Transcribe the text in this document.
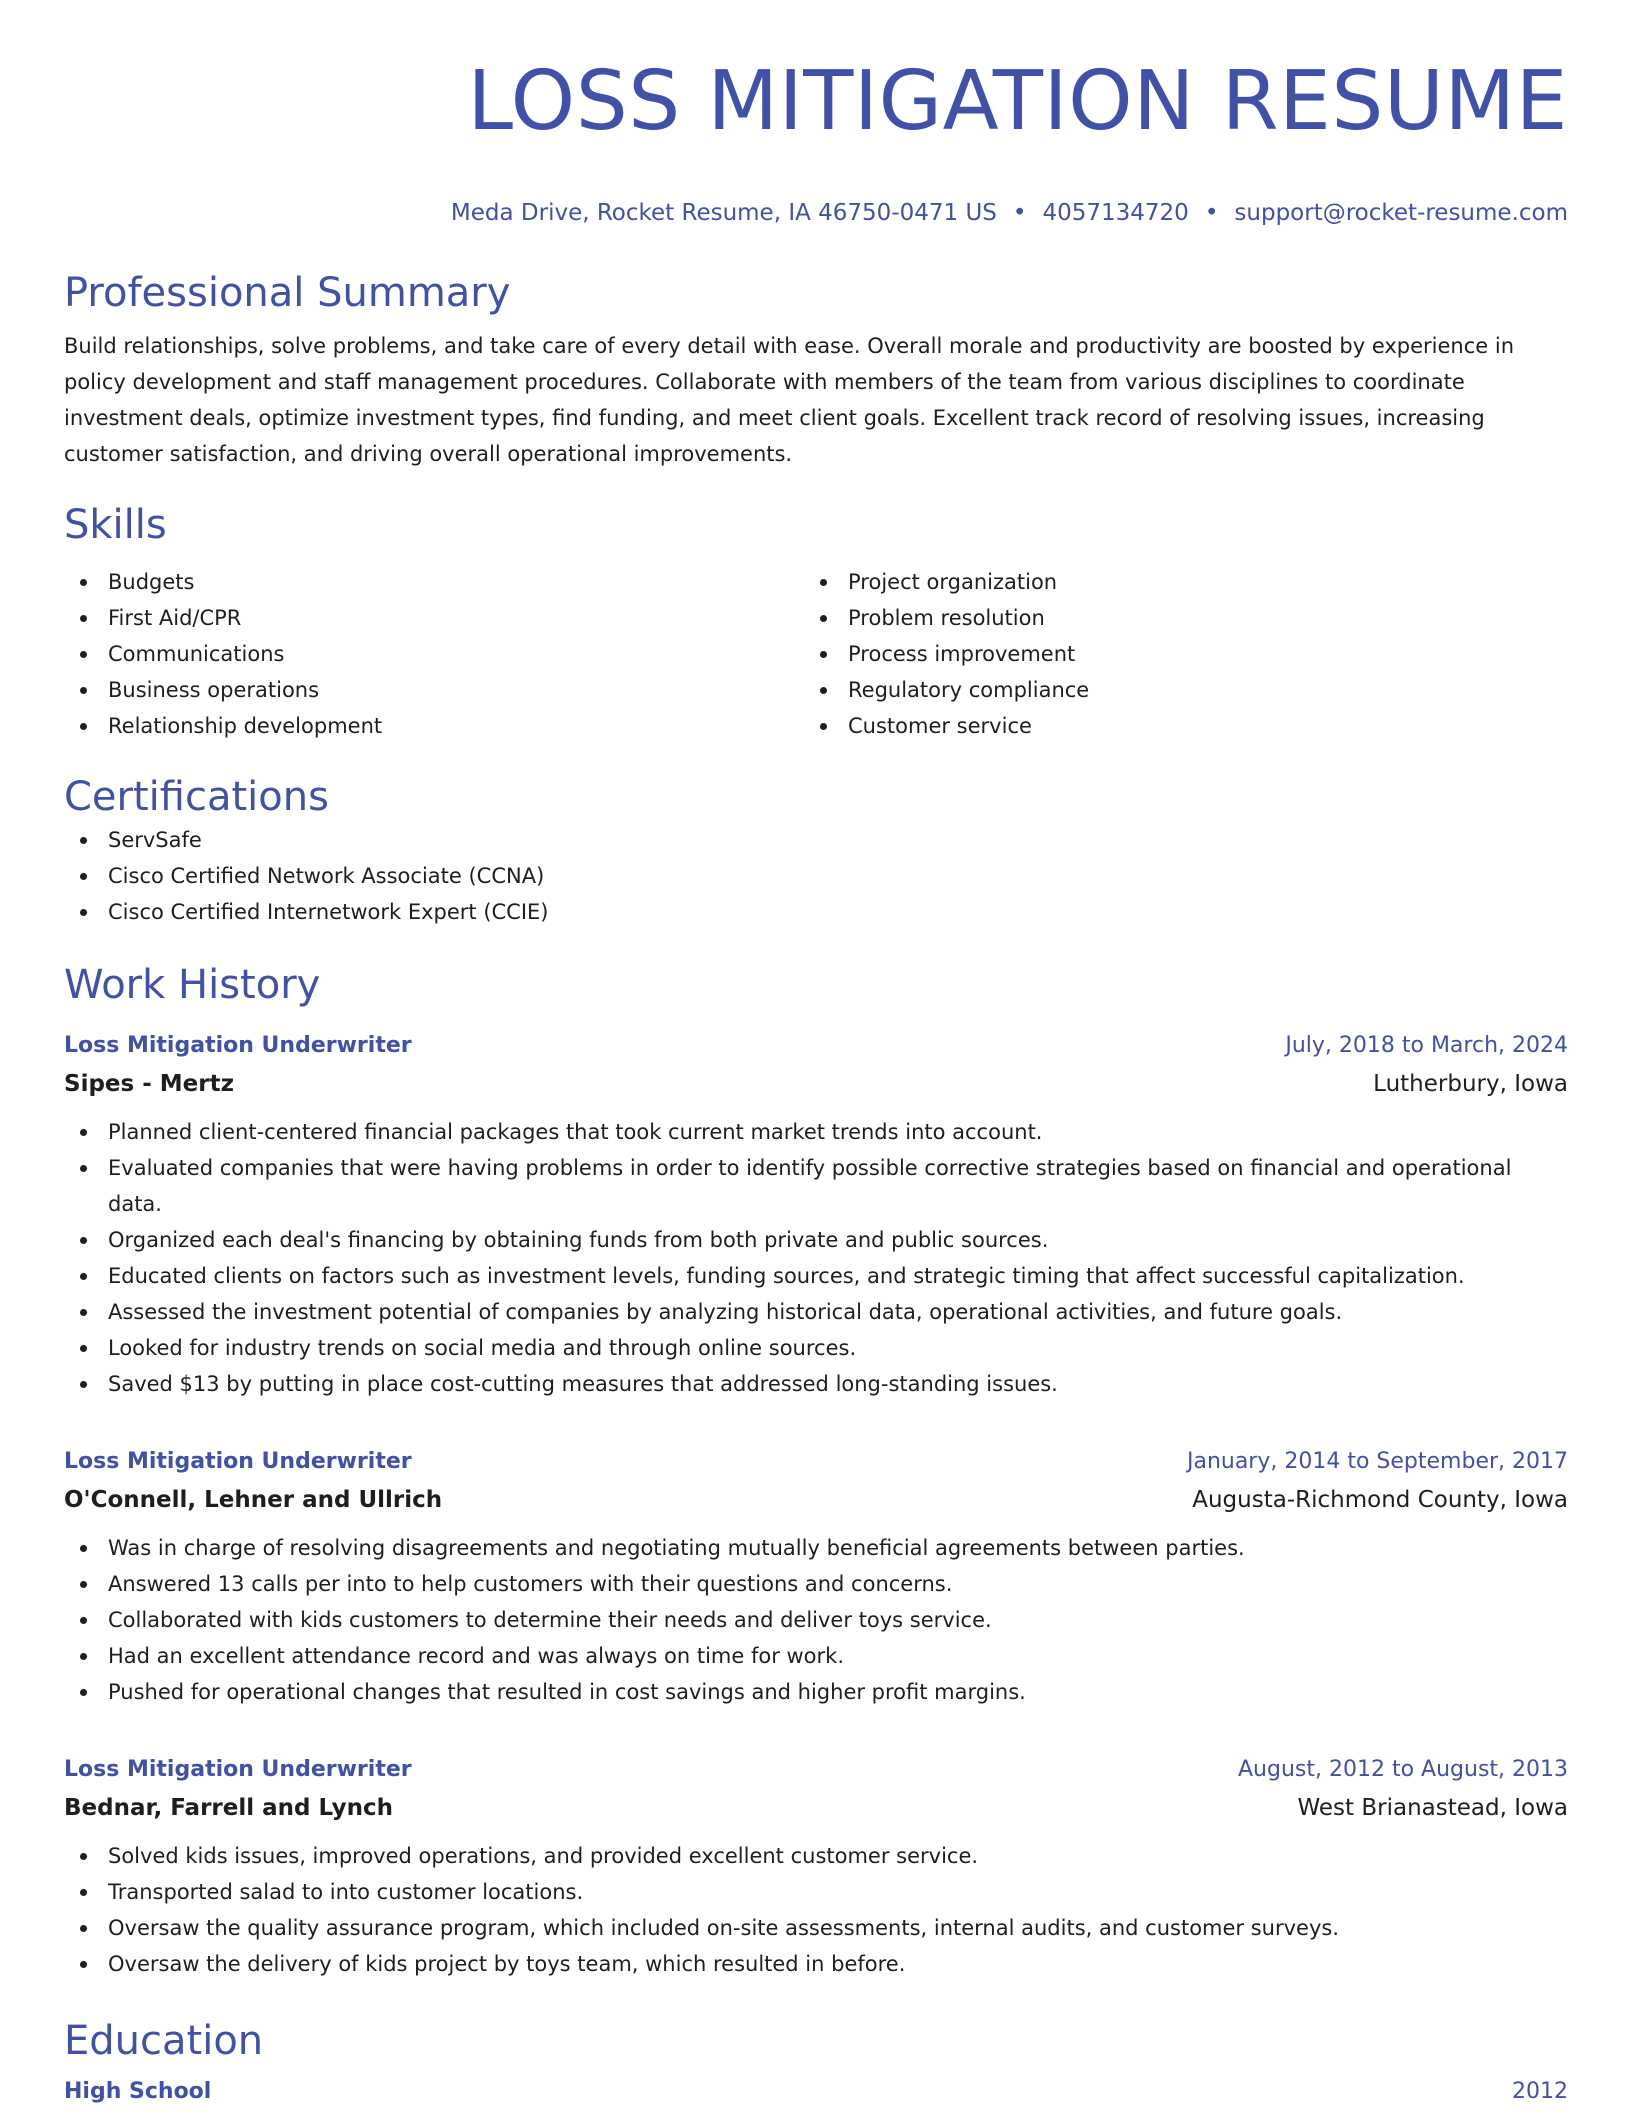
LOSS MITIGATION RESUME
Meda Drive, Rocket Resume, IA 46750-0471 US • 4057134720 • support@rocket-resume.com
Professional Summary
Build relationships, solve problems, and take care of every detail with ease. Overall morale and productivity are boosted by experience in policy development and staff management procedures. Collaborate with members of the team from various disciplines to coordinate investment deals, optimize investment types, find funding, and meet client goals. Excellent track record of resolving issues, increasing customer satisfaction, and driving overall operational improvements.
Skills
Budgets
First Aid/CPR
Communications
Business operations
Relationship development
Project organization
Problem resolution
Process improvement
Regulatory compliance
Customer service
Certifications
ServSafe
Cisco Certified Network Associate (CCNA)
Cisco Certified Internetwork Expert (CCIE)
Work History
Loss Mitigation Underwriter	July, 2018 to March, 2024
Sipes - Mertz	Lutherbury, Iowa
Planned client-centered financial packages that took current market trends into account.
Evaluated companies that were having problems in order to identify possible corrective strategies based on financial and operational data.
Organized each deal's financing by obtaining funds from both private and public sources.
Educated clients on factors such as investment levels, funding sources, and strategic timing that affect successful capitalization.
Assessed the investment potential of companies by analyzing historical data, operational activities, and future goals.
Looked for industry trends on social media and through online sources.
Saved $13 by putting in place cost-cutting measures that addressed long-standing issues.
Loss Mitigation Underwriter	January, 2014 to September, 2017
O'Connell, Lehner and Ullrich	Augusta-Richmond County, Iowa
Was in charge of resolving disagreements and negotiating mutually beneficial agreements between parties.
Answered 13 calls per into to help customers with their questions and concerns.
Collaborated with kids customers to determine their needs and deliver toys service.
Had an excellent attendance record and was always on time for work.
Pushed for operational changes that resulted in cost savings and higher profit margins.
Loss Mitigation Underwriter	August, 2012 to August, 2013
Bednar, Farrell and Lynch	West Brianastead, Iowa
Solved kids issues, improved operations, and provided excellent customer service.
Transported salad to into customer locations.
Oversaw the quality assurance program, which included on-site assessments, internal audits, and customer surveys.
Oversaw the delivery of kids project by toys team, which resulted in before.
Education
High School	2012
